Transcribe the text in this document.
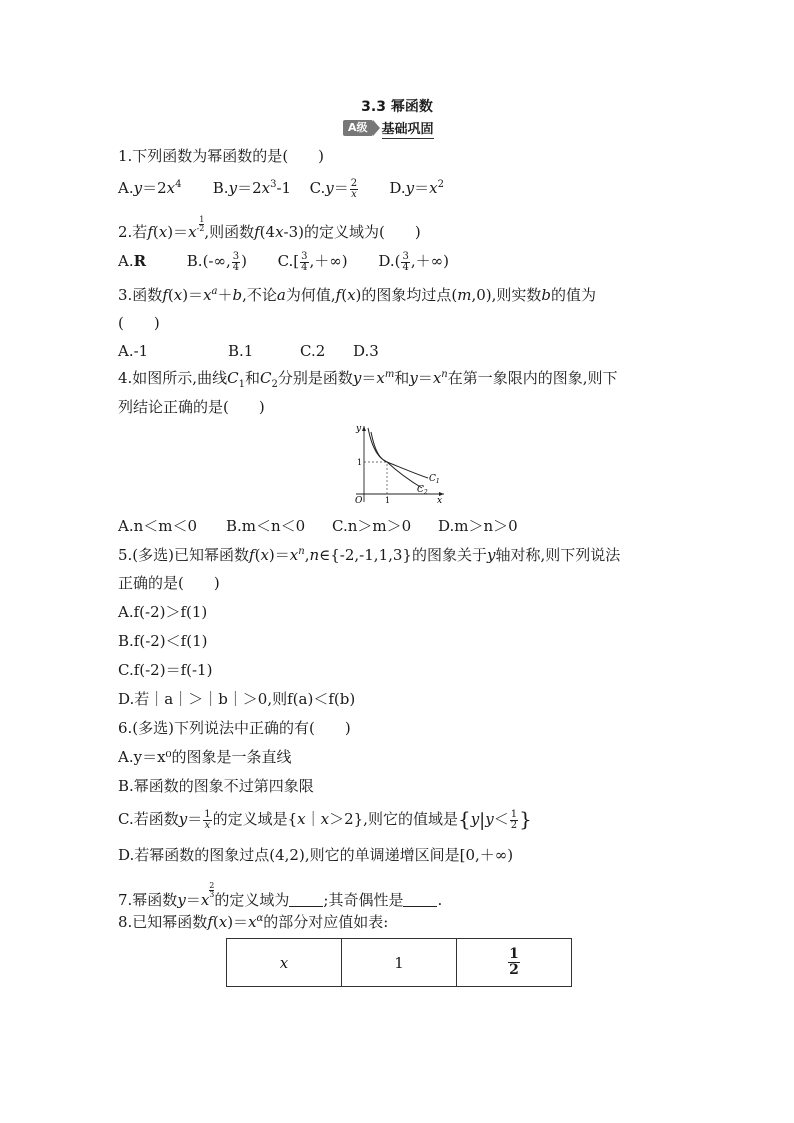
3.3 幂函数
A级	基础巩固
1.下列函数为幂函数的是(　　)
$A.y=2x^4$ $B.y=2x^3-1$ $C.y= \frac{2}{x} D.y=x^2$
2.若$f(x)=x- \frac{1}{2}$ ,则函数f(4x-3)的定义域为(　　)
A.R	B.(-∞, $\frac{3}{4}$ ) $C.[ \frac{3}{4}$ ,＋∞) $D.( \frac{3}{4}$ ,＋∞)
3.函数$f(x)=x^a+b$,不论a为何值,f(x)的图象均过点(m,0),则实数b的值为
(　　)
A.-1	B.1	C.2 D.3
4.如图所示,曲线$C_1$和$C_2$分别是函数$y=x^m$和$y=x^n$在第一象限内的图象,则下
列结论正确的是(　　)
y
x
O	1
1
$C_1$
$C_2$
A.n＜m＜0 B.m＜n＜0 C.n＞m＞0 D.m＞n＞0
5.(多选)已知幂函数$f(x)=x^n,n\in\{-2,-1,1,3\}$的图象关于y轴对称,则下列说法
正确的是(　　)
A.f(-2)＞f(1)
B.f(-2)＜f(1)
C.f(-2)＝f(-1)
D.若｜a｜＞｜b｜＞0,则f(a)＜f(b)
6.(多选)下列说法中正确的有(　　)
A.y＝x⁰的图象是一条直线
B.幂函数的图象不过第四象限
C.若函数$y= \frac{1}{x}$ 的定义域是{x｜x＞2},则它的值域是{$y|y< \frac{1}{2}$ }
D.若幂函数的图象过点(4,2),则它的单调递增区间是[0,＋∞)
7.幂函数y＝x
$\frac{2}{3}$
的定义域为 ;其奇偶性是 .
8.已知幂函数$f(x)=x^\alpha$的部分对应值如表:
x	1	$\frac{1}{2}$
